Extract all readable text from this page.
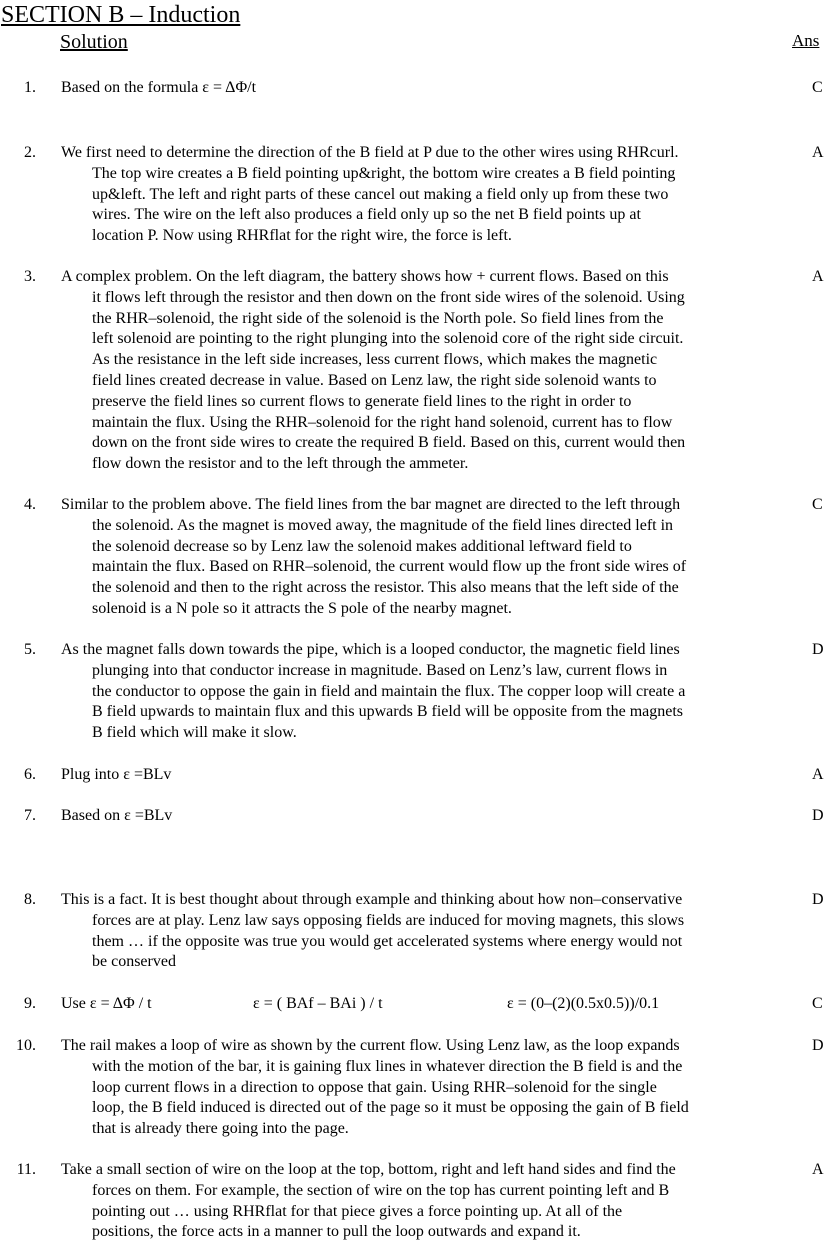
SECTION B – Induction
Solution	Ans
1. Based on the formula ε = ΔΦ/t	C
2. We first need to determine the direction of the B field at P due to the other wires using RHRcurl.
The top wire creates a B field pointing up&right, the bottom wire creates a B field pointing
up&left. The left and right parts of these cancel out making a field only up from these two
wires. The wire on the left also produces a field only up so the net B field points up at
location P. Now using RHRflat for the right wire, the force is left.
A
3. A complex problem. On the left diagram, the battery shows how + current flows. Based on this
it flows left through the resistor and then down on the front side wires of the solenoid. Using
the RHR–solenoid, the right side of the solenoid is the North pole. So field lines from the
left solenoid are pointing to the right plunging into the solenoid core of the right side circuit.
As the resistance in the left side increases, less current flows, which makes the magnetic
field lines created decrease in value. Based on Lenz law, the right side solenoid wants to
preserve the field lines so current flows to generate field lines to the right in order to
maintain the flux. Using the RHR–solenoid for the right hand solenoid, current has to flow
down on the front side wires to create the required B field. Based on this, current would then
flow down the resistor and to the left through the ammeter.
A
4. Similar to the problem above. The field lines from the bar magnet are directed to the left through
the solenoid. As the magnet is moved away, the magnitude of the field lines directed left in
the solenoid decrease so by Lenz law the solenoid makes additional leftward field to
maintain the flux. Based on RHR–solenoid, the current would flow up the front side wires of
the solenoid and then to the right across the resistor. This also means that the left side of the
solenoid is a N pole so it attracts the S pole of the nearby magnet.
C
5. As the magnet falls down towards the pipe, which is a looped conductor, the magnetic field lines
plunging into that conductor increase in magnitude. Based on Lenz’s law, current flows in
the conductor to oppose the gain in field and maintain the flux. The copper loop will create a
B field upwards to maintain flux and this upwards B field will be opposite from the magnets
B field which will make it slow.
D
6. Plug into ε =BLv	A
7. Based on ε =BLv	D
8. This is a fact. It is best thought about through example and thinking about how non–conservative
forces are at play. Lenz law says opposing fields are induced for moving magnets, this slows
them … if the opposite was true you would get accelerated systems where energy would not
be conserved
D
9. Use ε = ΔΦ / t	ε = ( BAf – BAi ) / t	ε = (0–(2)(0.5x0.5))/0.1	C
10. The rail makes a loop of wire as shown by the current flow. Using Lenz law, as the loop expands
with the motion of the bar, it is gaining flux lines in whatever direction the B field is and the
loop current flows in a direction to oppose that gain. Using RHR–solenoid for the single
loop, the B field induced is directed out of the page so it must be opposing the gain of B field
that is already there going into the page.
D
11. Take a small section of wire on the loop at the top, bottom, right and left hand sides and find the
forces on them. For example, the section of wire on the top has current pointing left and B
pointing out … using RHRflat for that piece gives a force pointing up. At all of the
positions, the force acts in a manner to pull the loop outwards and expand it.
A
